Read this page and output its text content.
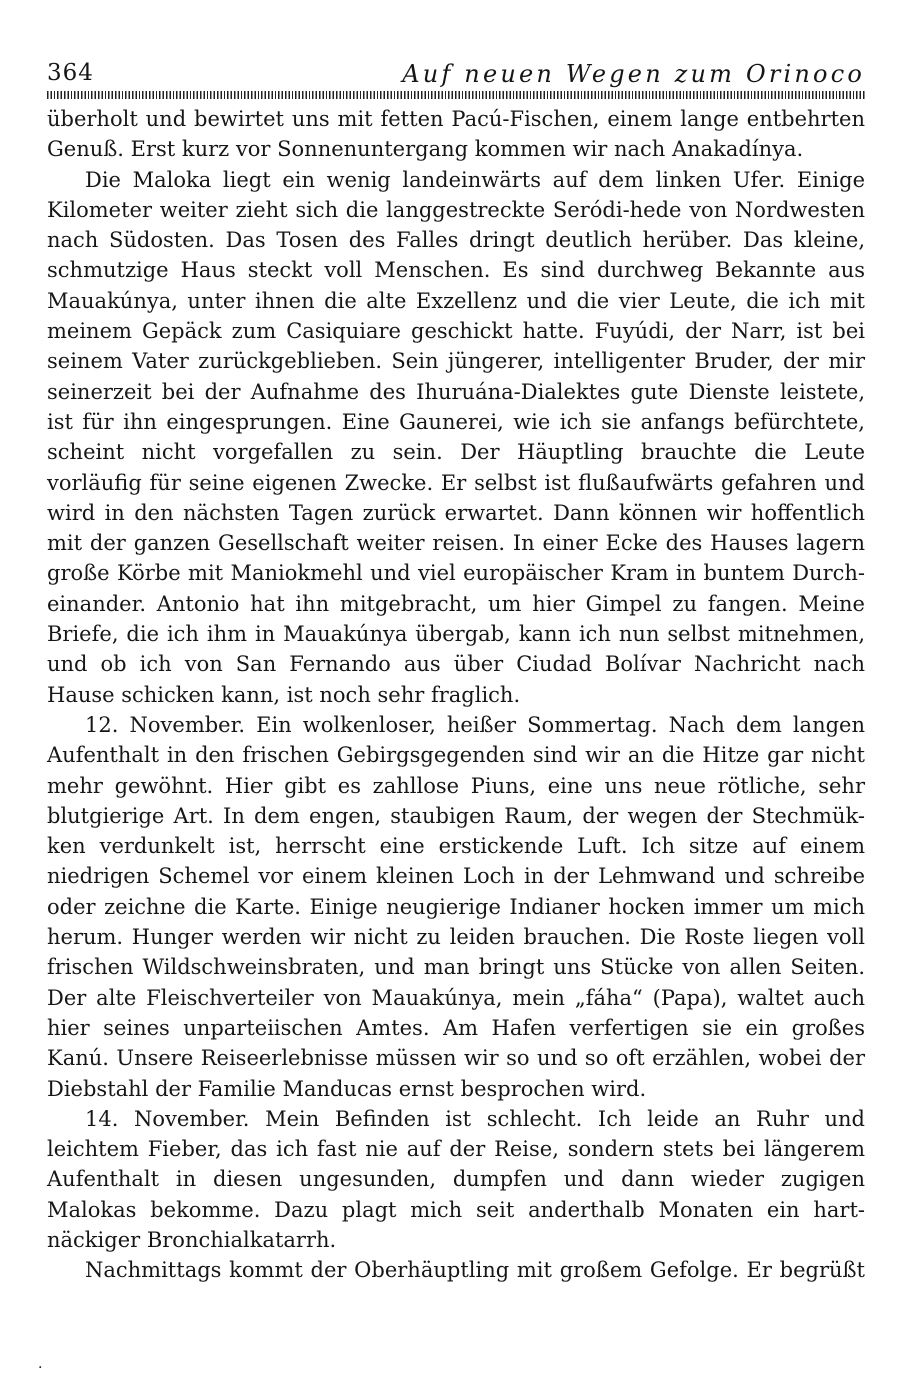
364	Auf neuen Wegen zum Orinoco
überholt und bewirtet uns mit fetten Pacú-Fischen, einem lange entbehrten
Genuß. Erst kurz vor Sonnenuntergang kommen wir nach Anakadínya.
Die Maloka liegt ein wenig landeinwärts auf dem linken Ufer. Einige
Kilometer weiter zieht sich die langgestreckte Seródi-hede von Nordwesten
nach Südosten. Das Tosen des Falles dringt deutlich herüber. Das kleine,
schmutzige Haus steckt voll Menschen. Es sind durchweg Bekannte aus
Mauakúnya, unter ihnen die alte Exzellenz und die vier Leute, die ich mit
meinem Gepäck zum Casiquiare geschickt hatte. Fuyúdi, der Narr, ist bei
seinem Vater zurückgeblieben. Sein jüngerer, intelligenter Bruder, der mir
seinerzeit bei der Aufnahme des Ihuruána-Dialektes gute Dienste leistete,
ist für ihn eingesprungen. Eine Gaunerei, wie ich sie anfangs befürchtete,
scheint nicht vorgefallen zu sein. Der Häuptling brauchte die Leute
vorläufig für seine eigenen Zwecke. Er selbst ist flußaufwärts gefahren und
wird in den nächsten Tagen zurück erwartet. Dann können wir hoffentlich
mit der ganzen Gesellschaft weiter reisen. In einer Ecke des Hauses lagern
große Körbe mit Maniokmehl und viel europäischer Kram in buntem Durch-
einander. Antonio hat ihn mitgebracht, um hier Gimpel zu fangen. Meine
Briefe, die ich ihm in Mauakúnya übergab, kann ich nun selbst mitnehmen,
und ob ich von San Fernando aus über Ciudad Bolívar Nachricht nach
Hause schicken kann, ist noch sehr fraglich.
12. November. Ein wolkenloser, heißer Sommertag. Nach dem langen
Aufenthalt in den frischen Gebirgsgegenden sind wir an die Hitze gar nicht
mehr gewöhnt. Hier gibt es zahllose Piuns, eine uns neue rötliche, sehr
blutgierige Art. In dem engen, staubigen Raum, der wegen der Stechmük-
ken verdunkelt ist, herrscht eine erstickende Luft. Ich sitze auf einem
niedrigen Schemel vor einem kleinen Loch in der Lehmwand und schreibe
oder zeichne die Karte. Einige neugierige Indianer hocken immer um mich
herum. Hunger werden wir nicht zu leiden brauchen. Die Roste liegen voll
frischen Wildschweinsbraten, und man bringt uns Stücke von allen Seiten.
Der alte Fleischverteiler von Mauakúnya, mein „fáha“ (Papa), waltet auch
hier seines unparteiischen Amtes. Am Hafen verfertigen sie ein großes
Kanú. Unsere Reiseerlebnisse müssen wir so und so oft erzählen, wobei der
Diebstahl der Familie Manducas ernst besprochen wird.
14. November. Mein Befinden ist schlecht. Ich leide an Ruhr und
leichtem Fieber, das ich fast nie auf der Reise, sondern stets bei längerem
Aufenthalt in diesen ungesunden, dumpfen und dann wieder zugigen
Malokas bekomme. Dazu plagt mich seit anderthalb Monaten ein hart-
näckiger Bronchialkatarrh.
Nachmittags kommt der Oberhäuptling mit großem Gefolge. Er begrüßt
·
